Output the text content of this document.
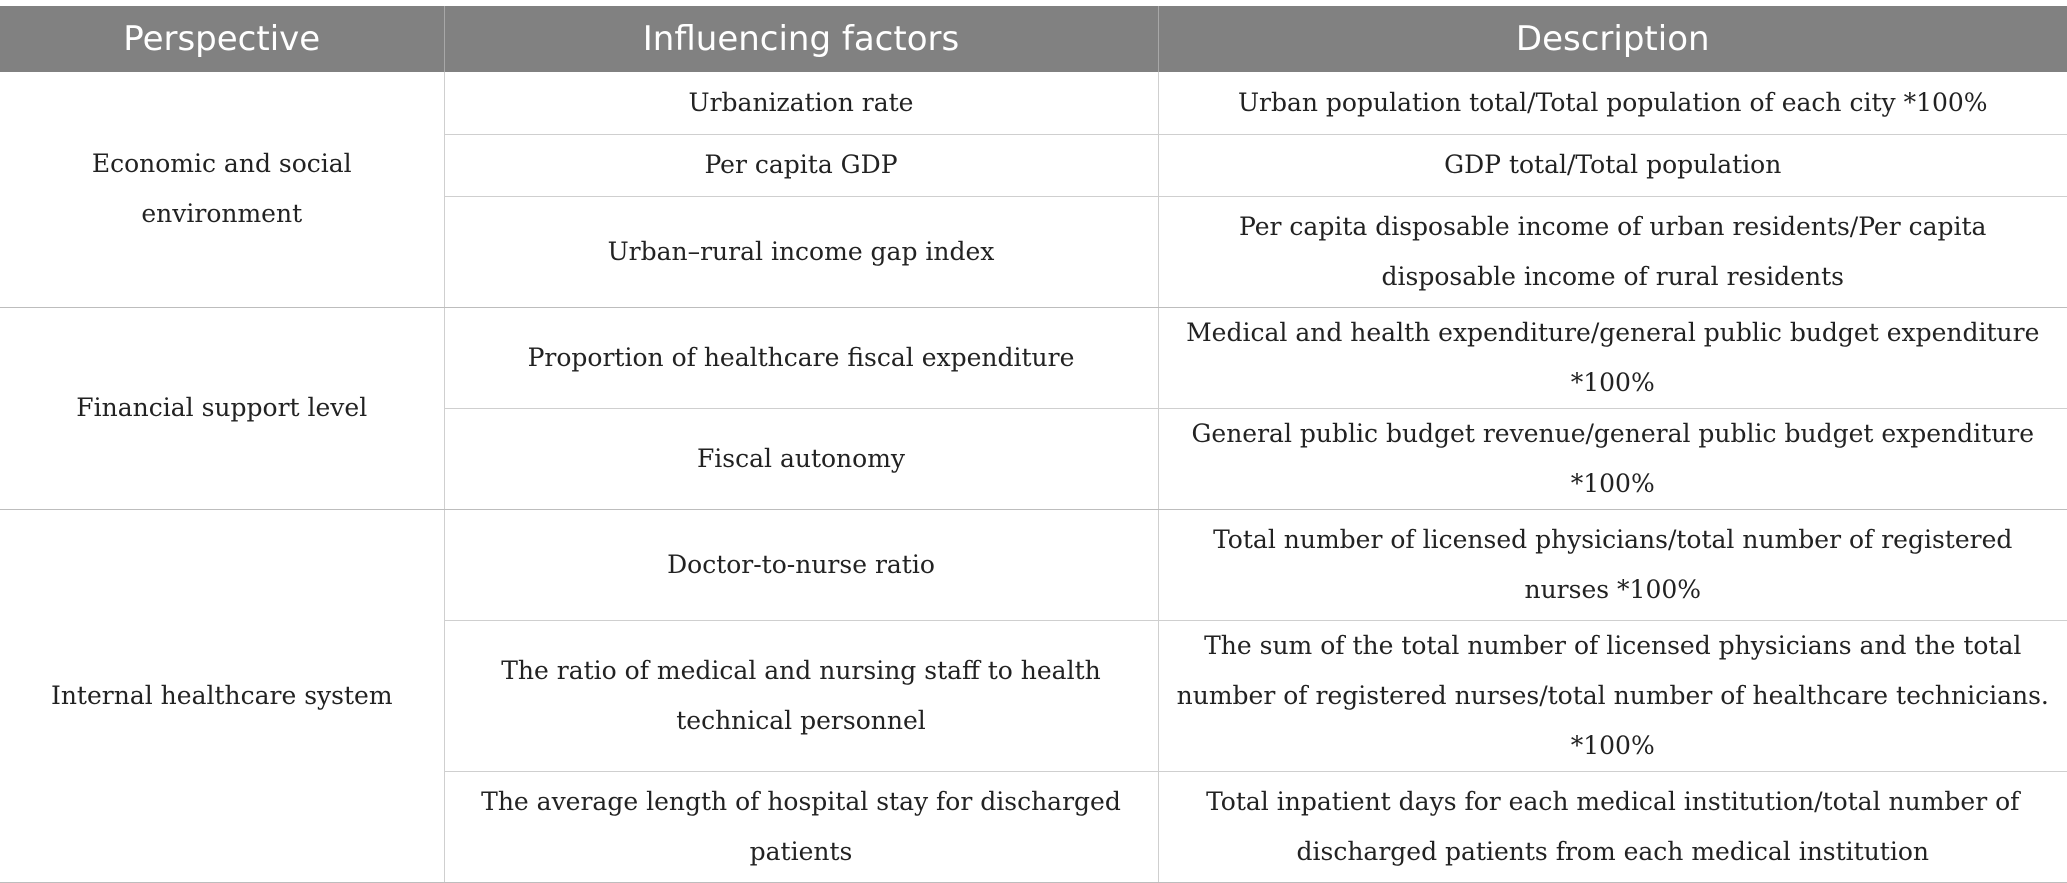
Perspective	Influencing factors	Description
Economic and social environment	Urbanization rate	Urban population total/Total population of each city *100%
	Per capita GDP	GDP total/Total population
	Urban–rural income gap index	Per capita disposable income of urban residents/Per capita disposable income of rural residents
Financial support level	Proportion of healthcare fiscal expenditure	Medical and health expenditure/general public budget expenditure *100%
	Fiscal autonomy	General public budget revenue/general public budget expenditure *100%
Internal healthcare system	Doctor-to-nurse ratio	Total number of licensed physicians/total number of registered nurses *100%
	The ratio of medical and nursing staff to health technical personnel	The sum of the total number of licensed physicians and the total number of registered nurses/total number of healthcare technicians. *100%
	The average length of hospital stay for discharged patients	Total inpatient days for each medical institution/total number of discharged patients from each medical institution
